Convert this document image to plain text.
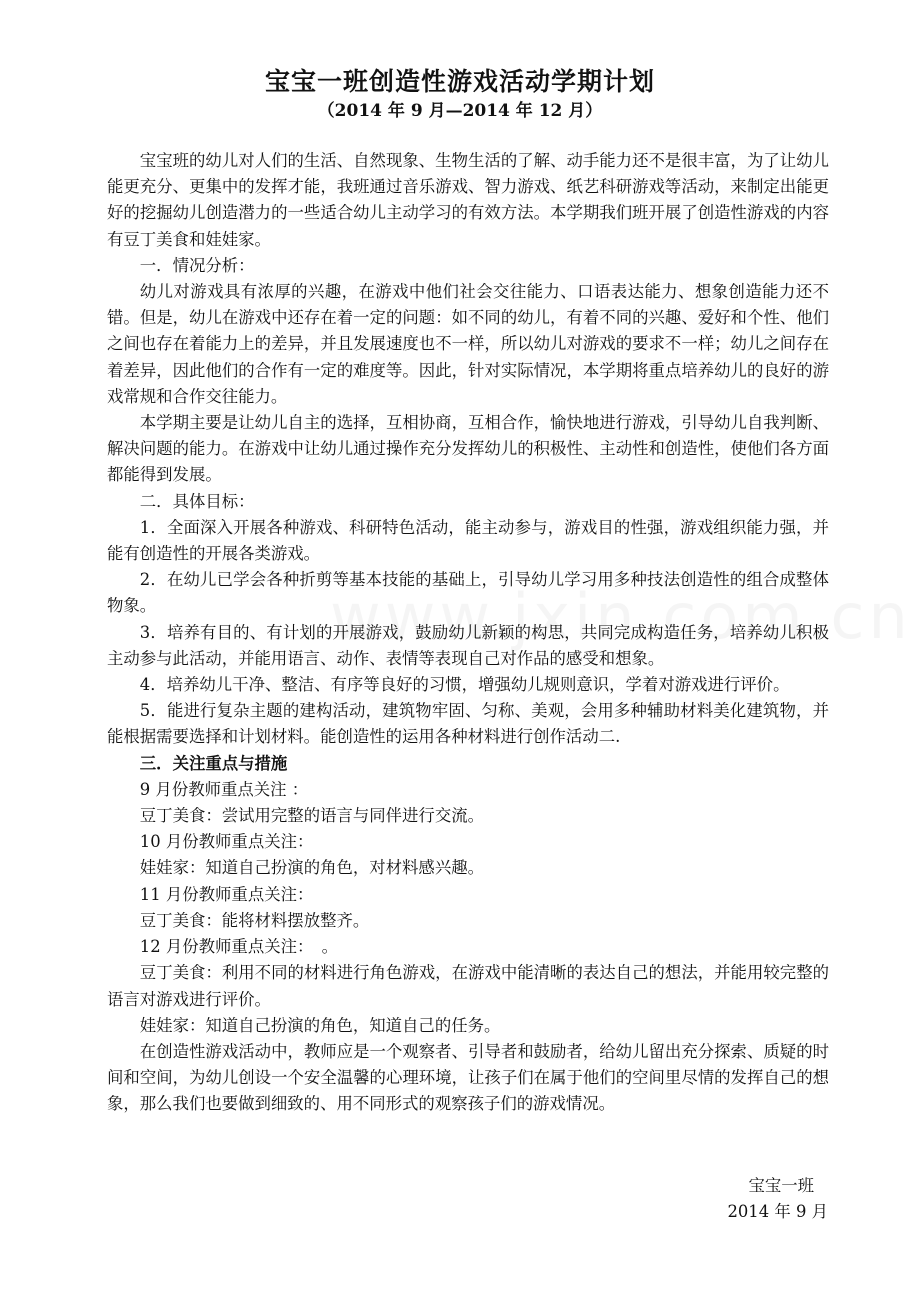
宝宝一班创造性游戏活动学期计划
（2014 年 9 月—2014 年 12 月）

宝宝班的幼儿对人们的生活、自然现象、生物生活的了解、动手能力还不是很丰富，为了让幼儿能更充分、更集中的发挥才能，我班通过音乐游戏、智力游戏、纸艺科研游戏等活动，来制定出能更好的挖掘幼儿创造潜力的一些适合幼儿主动学习的有效方法。本学期我们班开展了创造性游戏的内容有豆丁美食和娃娃家。

一．情况分析：

幼儿对游戏具有浓厚的兴趣，在游戏中他们社会交往能力、口语表达能力、想象创造能力还不错。但是，幼儿在游戏中还存在着一定的问题：如不同的幼儿，有着不同的兴趣、爱好和个性、他们之间也存在着能力上的差异，并且发展速度也不一样，所以幼儿对游戏的要求不一样；幼儿之间存在着差异，因此他们的合作有一定的难度等。因此，针对实际情况，本学期将重点培养幼儿的良好的游戏常规和合作交往能力。

本学期主要是让幼儿自主的选择，互相协商，互相合作，愉快地进行游戏，引导幼儿自我判断、解决问题的能力。在游戏中让幼儿通过操作充分发挥幼儿的积极性、主动性和创造性，使他们各方面都能得到发展。

二．具体目标：

1．全面深入开展各种游戏、科研特色活动，能主动参与，游戏目的性强，游戏组织能力强，并能有创造性的开展各类游戏。

2．在幼儿已学会各种折剪等基本技能的基础上，引导幼儿学习用多种技法创造性的组合成整体物象。

3．培养有目的、有计划的开展游戏，鼓励幼儿新颖的构思，共同完成构造任务，培养幼儿积极主动参与此活动，并能用语言、动作、表情等表现自己对作品的感受和想象。

4．培养幼儿干净、整洁、有序等良好的习惯，增强幼儿规则意识，学着对游戏进行评价。

5．能进行复杂主题的建构活动，建筑物牢固、匀称、美观，会用多种辅助材料美化建筑物，并能根据需要选择和计划材料。能创造性的运用各种材料进行创作活动二.

三．关注重点与措施

9 月份教师重点关注 ：

豆丁美食：尝试用完整的语言与同伴进行交流。

10 月份教师重点关注：

娃娃家：知道自己扮演的角色，对材料感兴趣。

11 月份教师重点关注：

豆丁美食：能将材料摆放整齐。

12 月份教师重点关注：　。

豆丁美食：利用不同的材料进行角色游戏，在游戏中能清晰的表达自己的想法，并能用较完整的语言对游戏进行评价。

娃娃家：知道自己扮演的角色，知道自己的任务。

在创造性游戏活动中，教师应是一个观察者、引导者和鼓励者，给幼儿留出充分探索、质疑的时间和空间，为幼儿创设一个安全温馨的心理环境，让孩子们在属于他们的空间里尽情的发挥自己的想象，那么我们也要做到细致的、用不同形式的观察孩子们的游戏情况。

宝宝一班
2014 年 9 月
